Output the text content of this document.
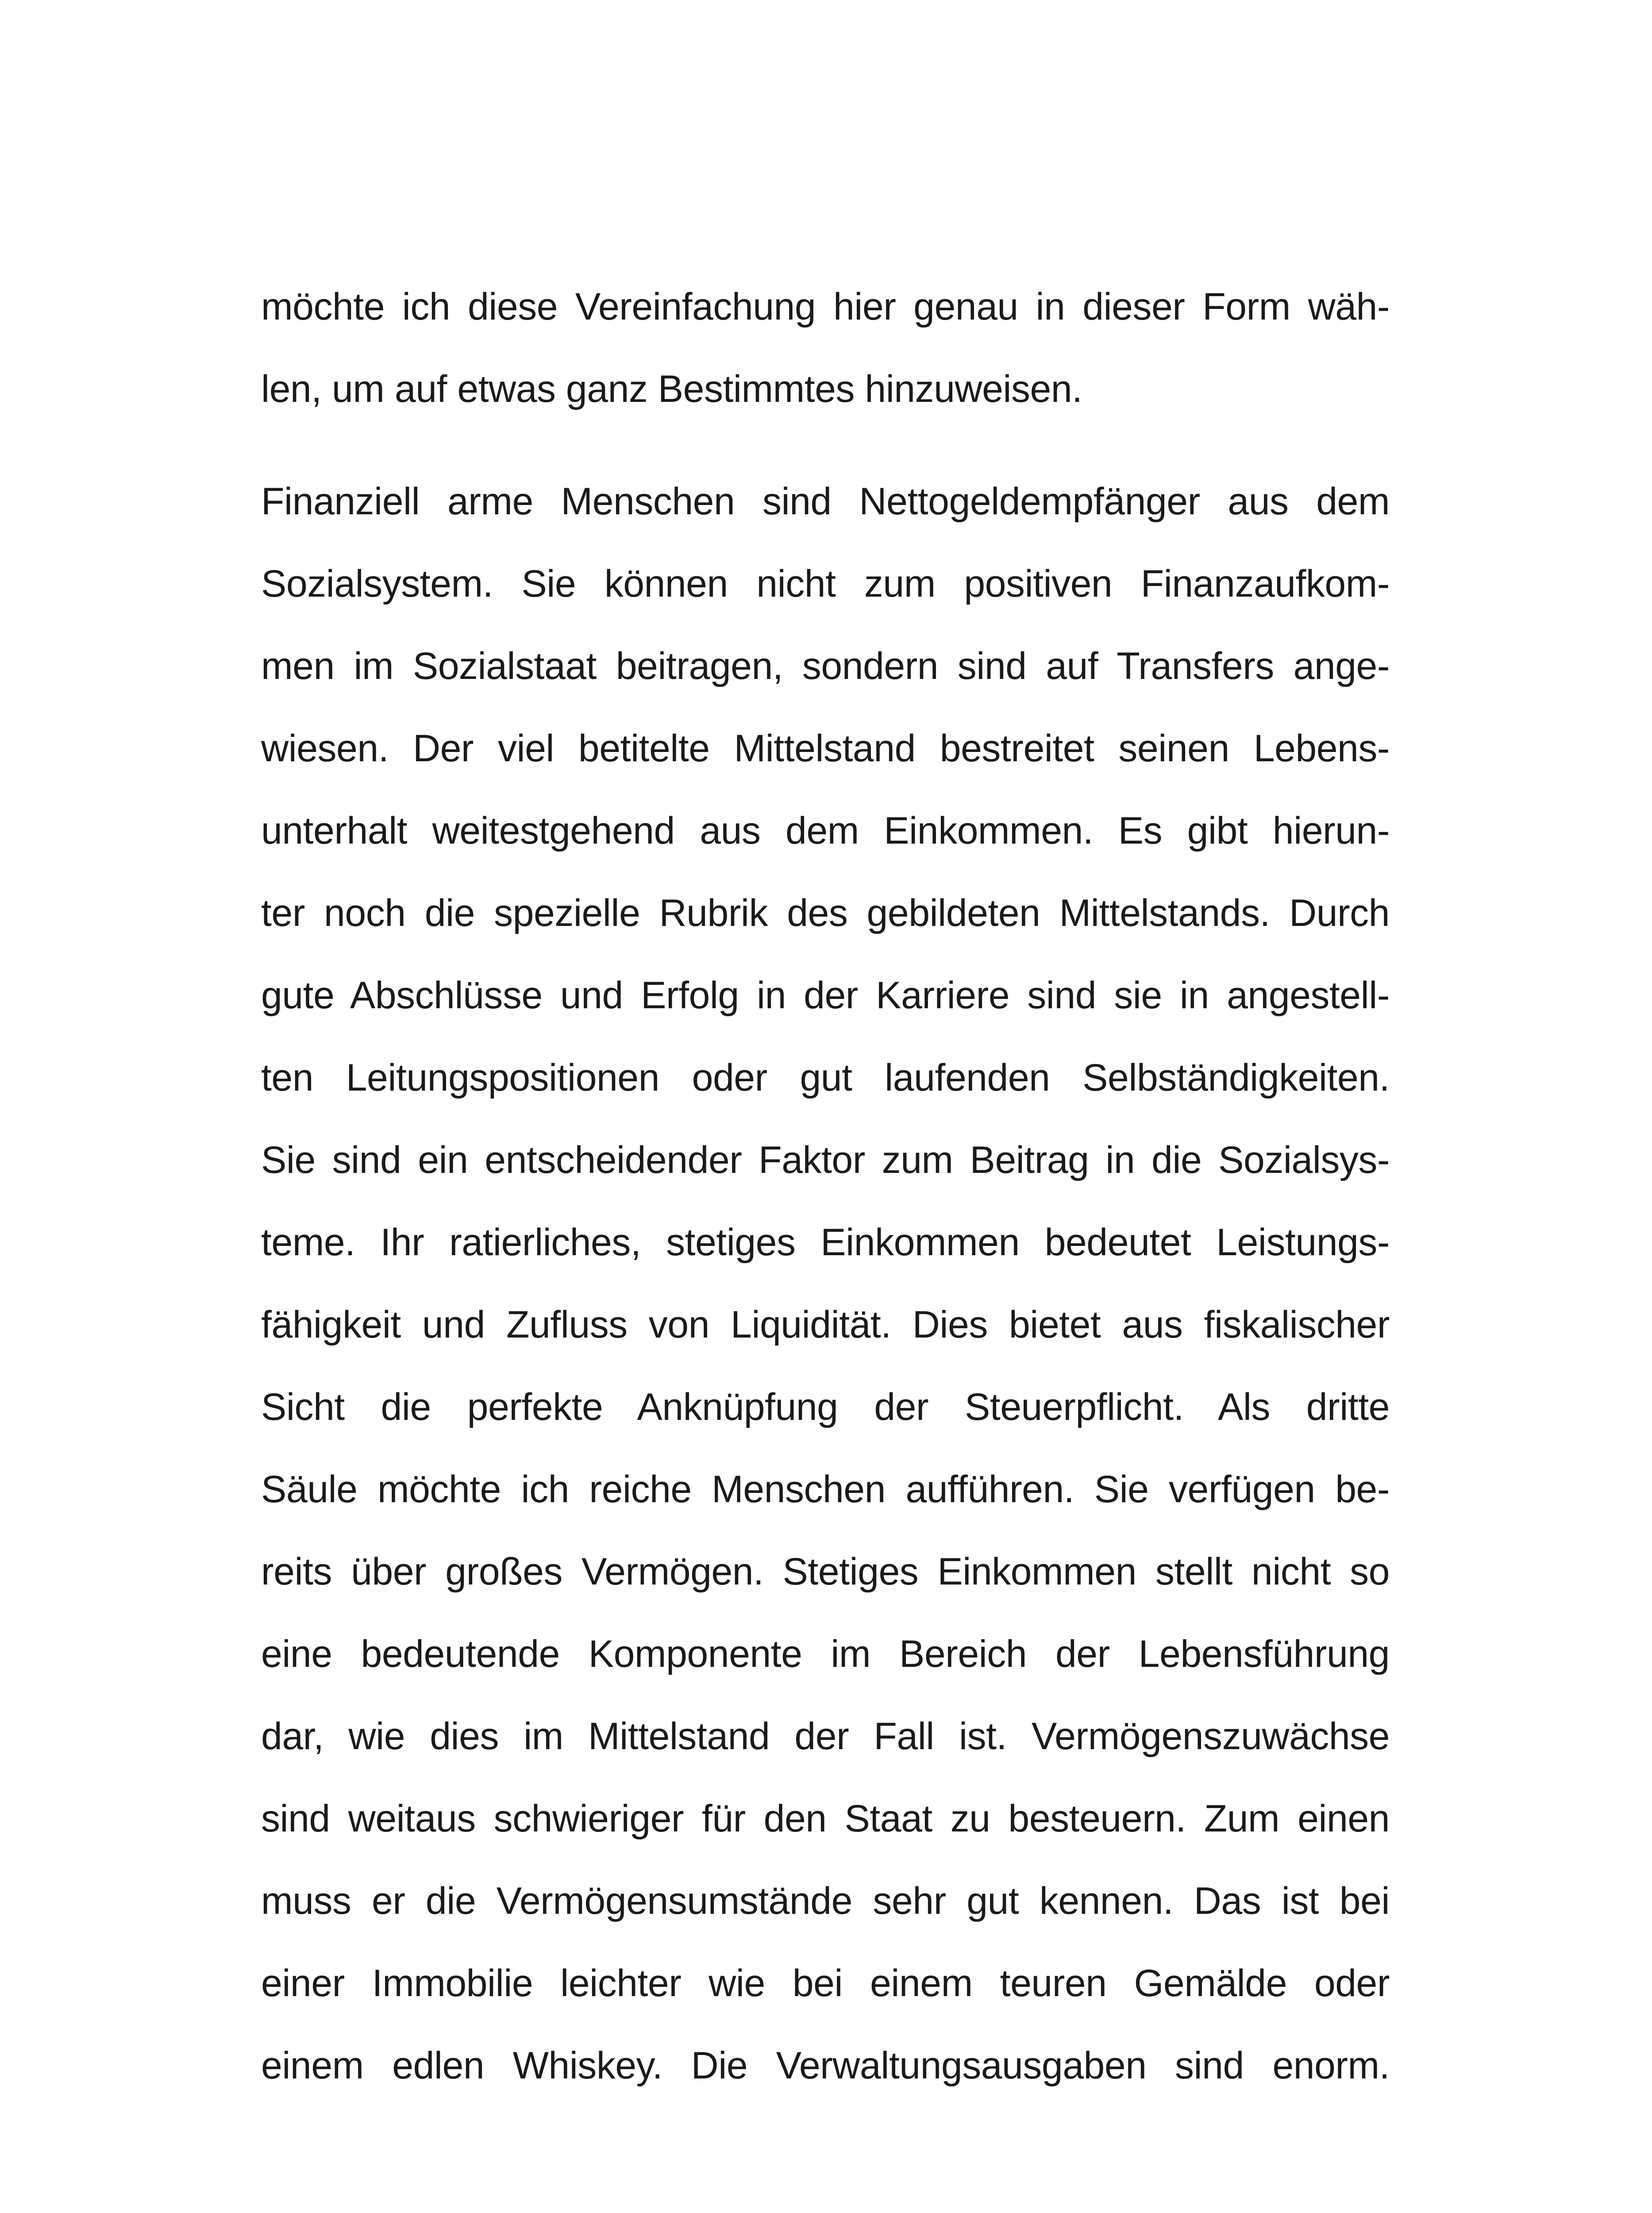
möchte ich diese Vereinfachung hier genau in dieser Form wäh-
len, um auf etwas ganz Bestimmtes hinzuweisen.
Finanziell arme Menschen sind Nettogeldempfänger aus dem
Sozialsystem. Sie können nicht zum positiven Finanzaufkom-
men im Sozialstaat beitragen, sondern sind auf Transfers ange-
wiesen. Der viel betitelte Mittelstand bestreitet seinen Lebens-
unterhalt weitestgehend aus dem Einkommen. Es gibt hierun-
ter noch die spezielle Rubrik des gebildeten Mittelstands. Durch
gute Abschlüsse und Erfolg in der Karriere sind sie in angestell-
ten Leitungspositionen oder gut laufenden Selbständigkeiten.
Sie sind ein entscheidender Faktor zum Beitrag in die Sozialsys-
teme. Ihr ratierliches, stetiges Einkommen bedeutet Leistungs-
fähigkeit und Zufluss von Liquidität. Dies bietet aus fiskalischer
Sicht die perfekte Anknüpfung der Steuerpflicht. Als dritte
Säule möchte ich reiche Menschen aufführen. Sie verfügen be-
reits über großes Vermögen. Stetiges Einkommen stellt nicht so
eine bedeutende Komponente im Bereich der Lebensführung
dar, wie dies im Mittelstand der Fall ist. Vermögenszuwächse
sind weitaus schwieriger für den Staat zu besteuern. Zum einen
muss er die Vermögensumstände sehr gut kennen. Das ist bei
einer Immobilie leichter wie bei einem teuren Gemälde oder
einem edlen Whiskey. Die Verwaltungsausgaben sind enorm.
